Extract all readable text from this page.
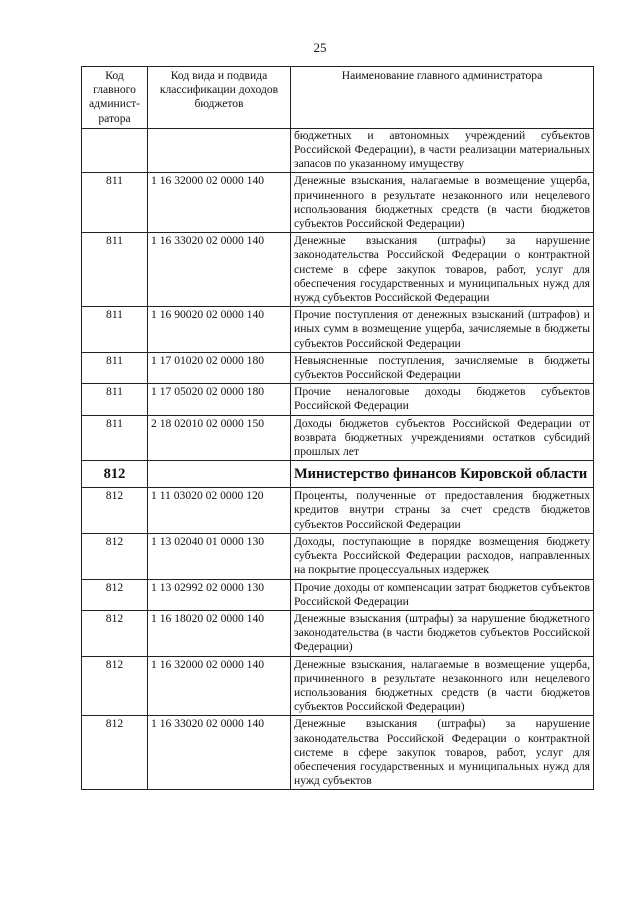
25
Код главного админист-ратора	Код вида и подвида классификации доходов бюджетов	Наименование главного администратора
		бюджетных и автономных учреждений субъектов Российской Федерации), в части реализации материальных запасов по указанному имуществу
811	1 16 32000 02 0000 140	Денежные взыскания, налагаемые в возмещение ущерба, причиненного в результате незаконного или нецелевого использования бюджетных средств (в части бюджетов субъектов Российской Федерации)
811	1 16 33020 02 0000 140	Денежные взыскания (штрафы) за нарушение законодательства Российской Федерации о контрактной системе в сфере закупок товаров, работ, услуг для обеспечения государственных и муниципальных нужд для нужд субъектов Российской Федерации
811	1 16 90020 02 0000 140	Прочие поступления от денежных взысканий (штрафов) и иных сумм в возмещение ущерба, зачисляемые в бюджеты субъектов Российской Федерации
811	1 17 01020 02 0000 180	Невыясненные поступления, зачисляемые в бюджеты субъектов Российской Федерации
811	1 17 05020 02 0000 180	Прочие неналоговые доходы бюджетов субъектов Российской Федерации
811	2 18 02010 02 0000 150	Доходы бюджетов субъектов Российской Федерации от возврата бюджетных учреждениями остатков субсидий прошлых лет
812		Министерство финансов Кировской области
812	1 11 03020 02 0000 120	Проценты, полученные от предоставления бюджетных кредитов внутри страны за счет средств бюджетов субъектов Российской Федерации
812	1 13 02040 01 0000 130	Доходы, поступающие в порядке возмещения бюджету субъекта Российской Федерации расходов, направленных на покрытие процессуальных издержек
812	1 13 02992 02 0000 130	Прочие доходы от компенсации затрат бюджетов субъектов Российской Федерации
812	1 16 18020 02 0000 140	Денежные взыскания (штрафы) за нарушение бюджетного законодательства (в части бюджетов субъектов Российской Федерации)
812	1 16 32000 02 0000 140	Денежные взыскания, налагаемые в возмещение ущерба, причиненного в результате незаконного или нецелевого использования бюджетных средств (в части бюджетов субъектов Российской Федерации)
812	1 16 33020 02 0000 140	Денежные взыскания (штрафы) за нарушение законодательства Российской Федерации о контрактной системе в сфере закупок товаров, работ, услуг для обеспечения государственных и муниципальных нужд для нужд субъектов
